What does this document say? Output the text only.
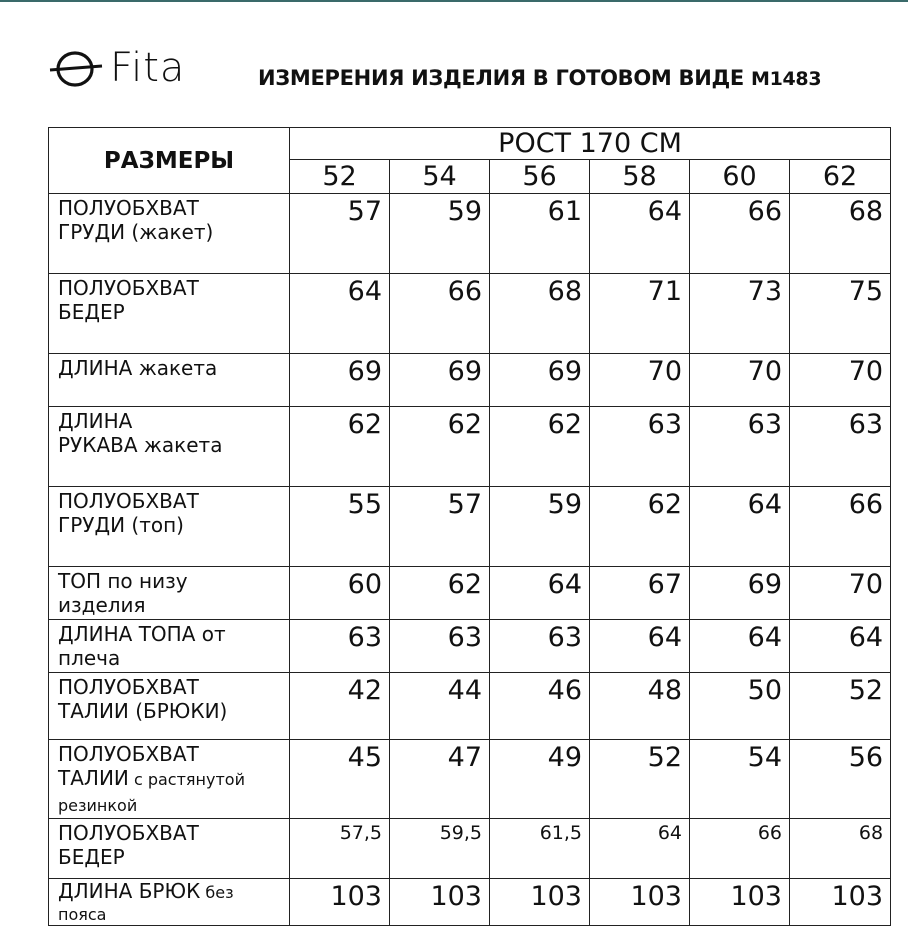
Fita	ИЗМЕРЕНИЯ ИЗДЕЛИЯ В ГОТОВОМ ВИДЕ М1483
РАЗМЕРЫ	РОСТ 170 СМ					
	52	54	56	58	60	62
ПОЛУОБХВАТ
ГРУДИ (жакет)	57	59	61	64	66	68
ПОЛУОБХВАТ
БЕДЕР	64	66	68	71	73	75
ДЛИНА жакета	69	69	69	70	70	70
ДЛИНА
РУКАВА жакета	62	62	62	63	63	63
ПОЛУОБХВАТ
ГРУДИ (топ)	55	57	59	62	64	66
ТОП по низу
изделия	60	62	64	67	69	70
ДЛИНА ТОПА от
плеча	63	63	63	64	64	64
ПОЛУОБХВАТ
ТАЛИИ (БРЮКИ)	42	44	46	48	50	52
ПОЛУОБХВАТ
ТАЛИИ с растянутой
резинкой	45	47	49	52	54	56
ПОЛУОБХВАТ
БЕДЕР	57,5	59,5	61,5	64	66	68
ДЛИНА БРЮК без
пояса	103	103	103	103	103	103
